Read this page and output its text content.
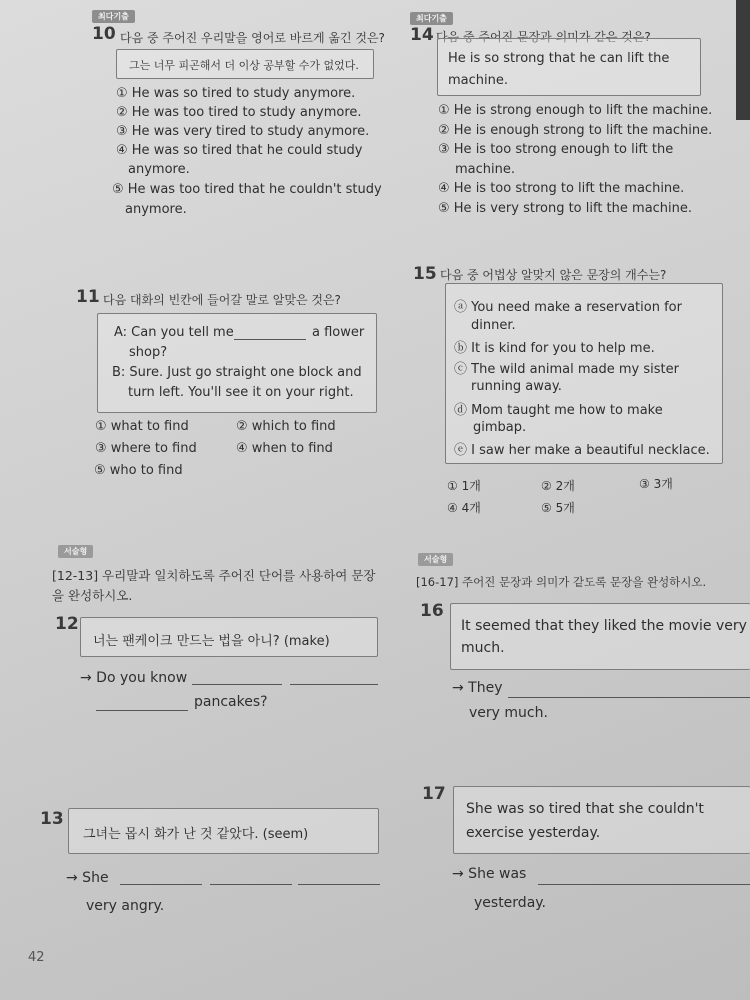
최다기출
10 다음 중 주어진 우리말을 영어로 바르게 옮긴 것은?
그는 너무 피곤해서 더 이상 공부할 수가 없었다.
① He was so tired to study anymore.
② He was too tired to study anymore.
③ He was very tired to study anymore.
④ He was so tired that he could study
anymore.
⑤ He was too tired that he couldn't study
anymore.
11 다음 대화의 빈칸에 들어갈 말로 알맞은 것은?
A: Can you tell me	a flower
shop?
B: Sure. Just go straight one block and
turn left. You'll see it on your right.
① what to find	② which to find
③ where to find	④ when to find
⑤ who to find
서술형
[12-13] 우리말과 일치하도록 주어진 단어를 사용하여 문장
을 완성하시오.
12
너는 팬케이크 만드는 법을 아니? (make)
→ Do you know
pancakes?
13
그녀는 몹시 화가 난 것 같았다. (seem)
→ She
very angry.
최다기출
14 다음 중 주어진 문장과 의미가 같은 것은?
He is so strong that he can lift the
machine.
① He is strong enough to lift the machine.
② He is enough strong to lift the machine.
③ He is too strong enough to lift the
machine.
④ He is too strong to lift the machine.
⑤ He is very strong to lift the machine.
15 다음 중 어법상 알맞지 않은 문장의 개수는?
ⓐ You need make a reservation for
dinner.
ⓑ It is kind for you to help me.
ⓒ The wild animal made my sister
running away.
ⓓ Mom taught me how to make
gimbap.
ⓔ I saw her make a beautiful necklace.
① 1개	② 2개	③ 3개
④ 4개	⑤ 5개
서술형
[16-17] 주어진 문장과 의미가 같도록 문장을 완성하시오.
16
It seemed that they liked the movie very
much.
→ They
very much.
17
She was so tired that she couldn't
exercise yesterday.
→ She was
yesterday.
42
